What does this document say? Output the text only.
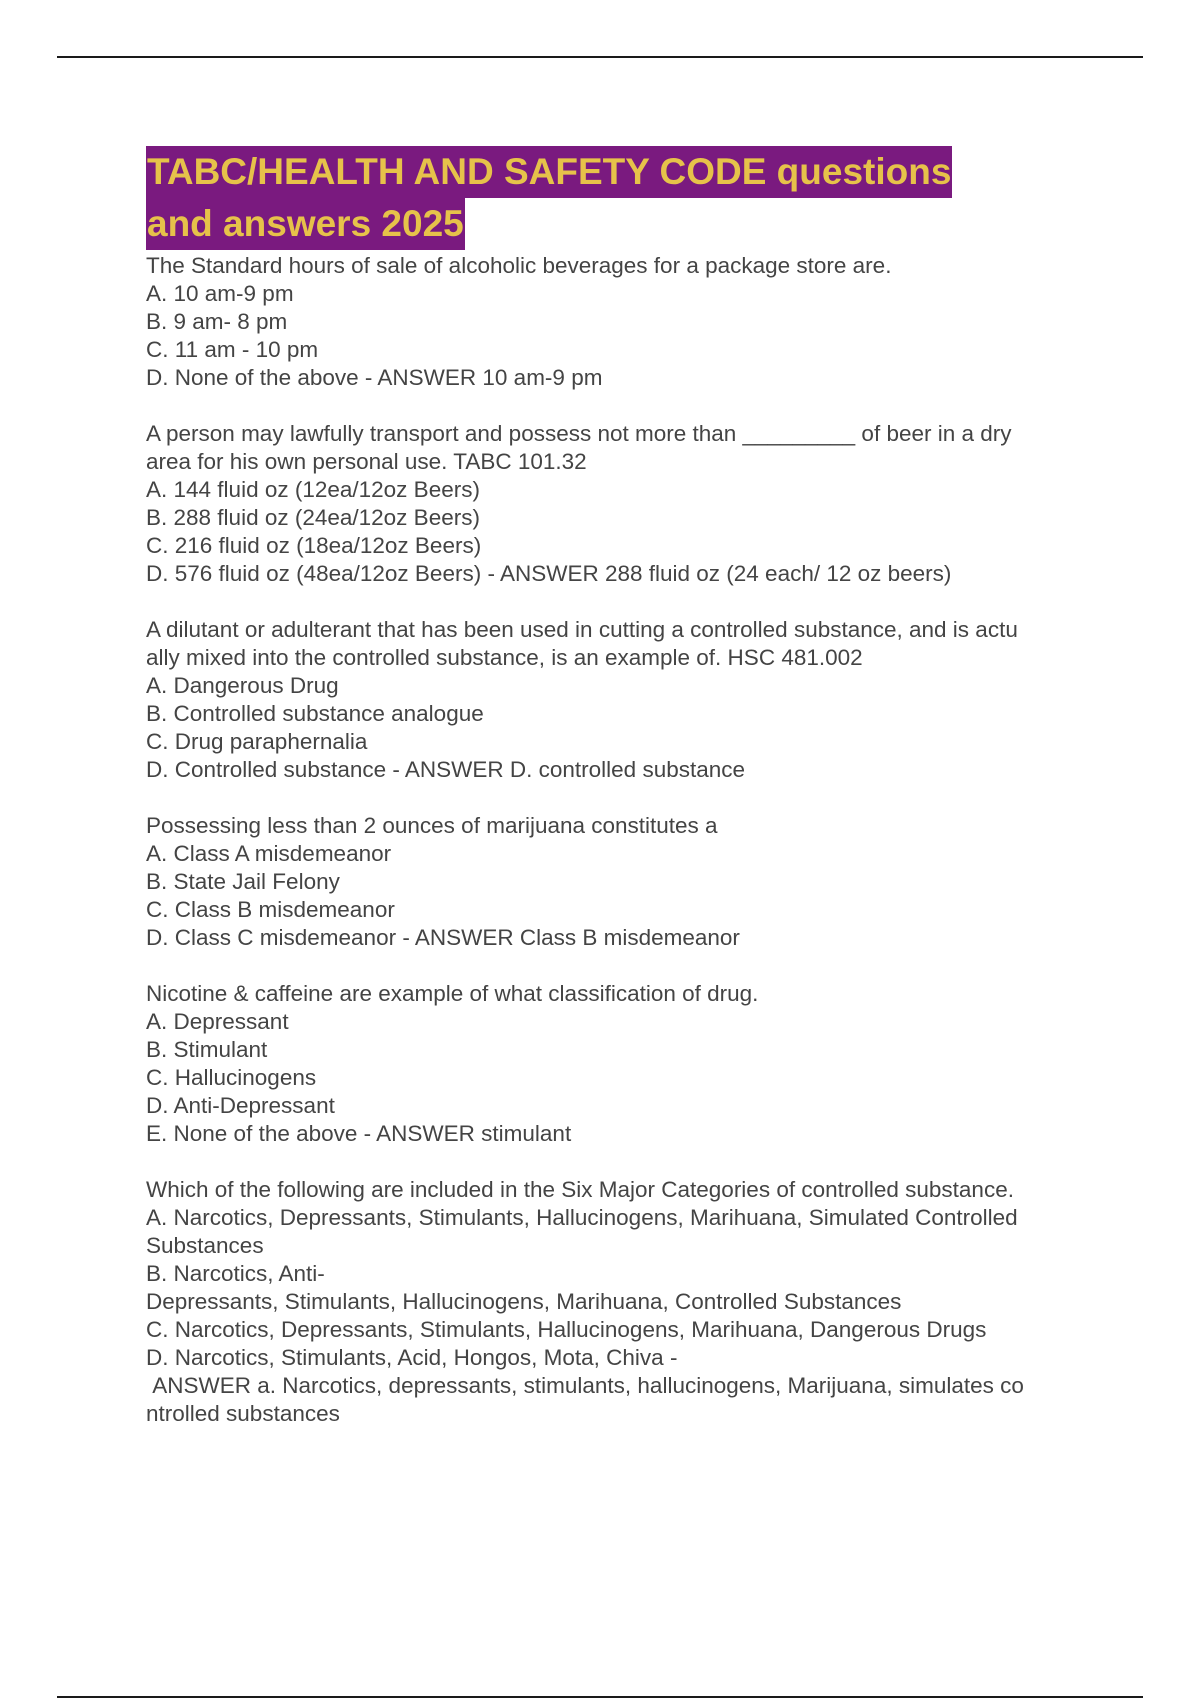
TABC/HEALTH AND SAFETY CODE questions
and answers 2025
The Standard hours of sale of alcoholic beverages for a package store are.
A. 10 am-9 pm
B. 9 am- 8 pm
C. 11 am - 10 pm
D. None of the above - ANSWER 10 am-9 pm
A person may lawfully transport and possess not more than _________ of beer in a dry
area for his own personal use. TABC 101.32
A. 144 fluid oz (12ea/12oz Beers)
B. 288 fluid oz (24ea/12oz Beers)
C. 216 fluid oz (18ea/12oz Beers)
D. 576 fluid oz (48ea/12oz Beers) - ANSWER 288 fluid oz (24 each/ 12 oz beers)
A dilutant or adulterant that has been used in cutting a controlled substance, and is actu
ally mixed into the controlled substance, is an example of. HSC 481.002
A. Dangerous Drug
B. Controlled substance analogue
C. Drug paraphernalia
D. Controlled substance - ANSWER D. controlled substance
Possessing less than 2 ounces of marijuana constitutes a
A. Class A misdemeanor
B. State Jail Felony
C. Class B misdemeanor
D. Class C misdemeanor - ANSWER Class B misdemeanor
Nicotine & caffeine are example of what classification of drug.
A. Depressant
B. Stimulant
C. Hallucinogens
D. Anti-Depressant
E. None of the above - ANSWER stimulant
Which of the following are included in the Six Major Categories of controlled substance.
A. Narcotics, Depressants, Stimulants, Hallucinogens, Marihuana, Simulated Controlled
Substances
B. Narcotics, Anti-
Depressants, Stimulants, Hallucinogens, Marihuana, Controlled Substances
C. Narcotics, Depressants, Stimulants, Hallucinogens, Marihuana, Dangerous Drugs
D. Narcotics, Stimulants, Acid, Hongos, Mota, Chiva -
ANSWER a. Narcotics, depressants, stimulants, hallucinogens, Marijuana, simulates co
ntrolled substances
